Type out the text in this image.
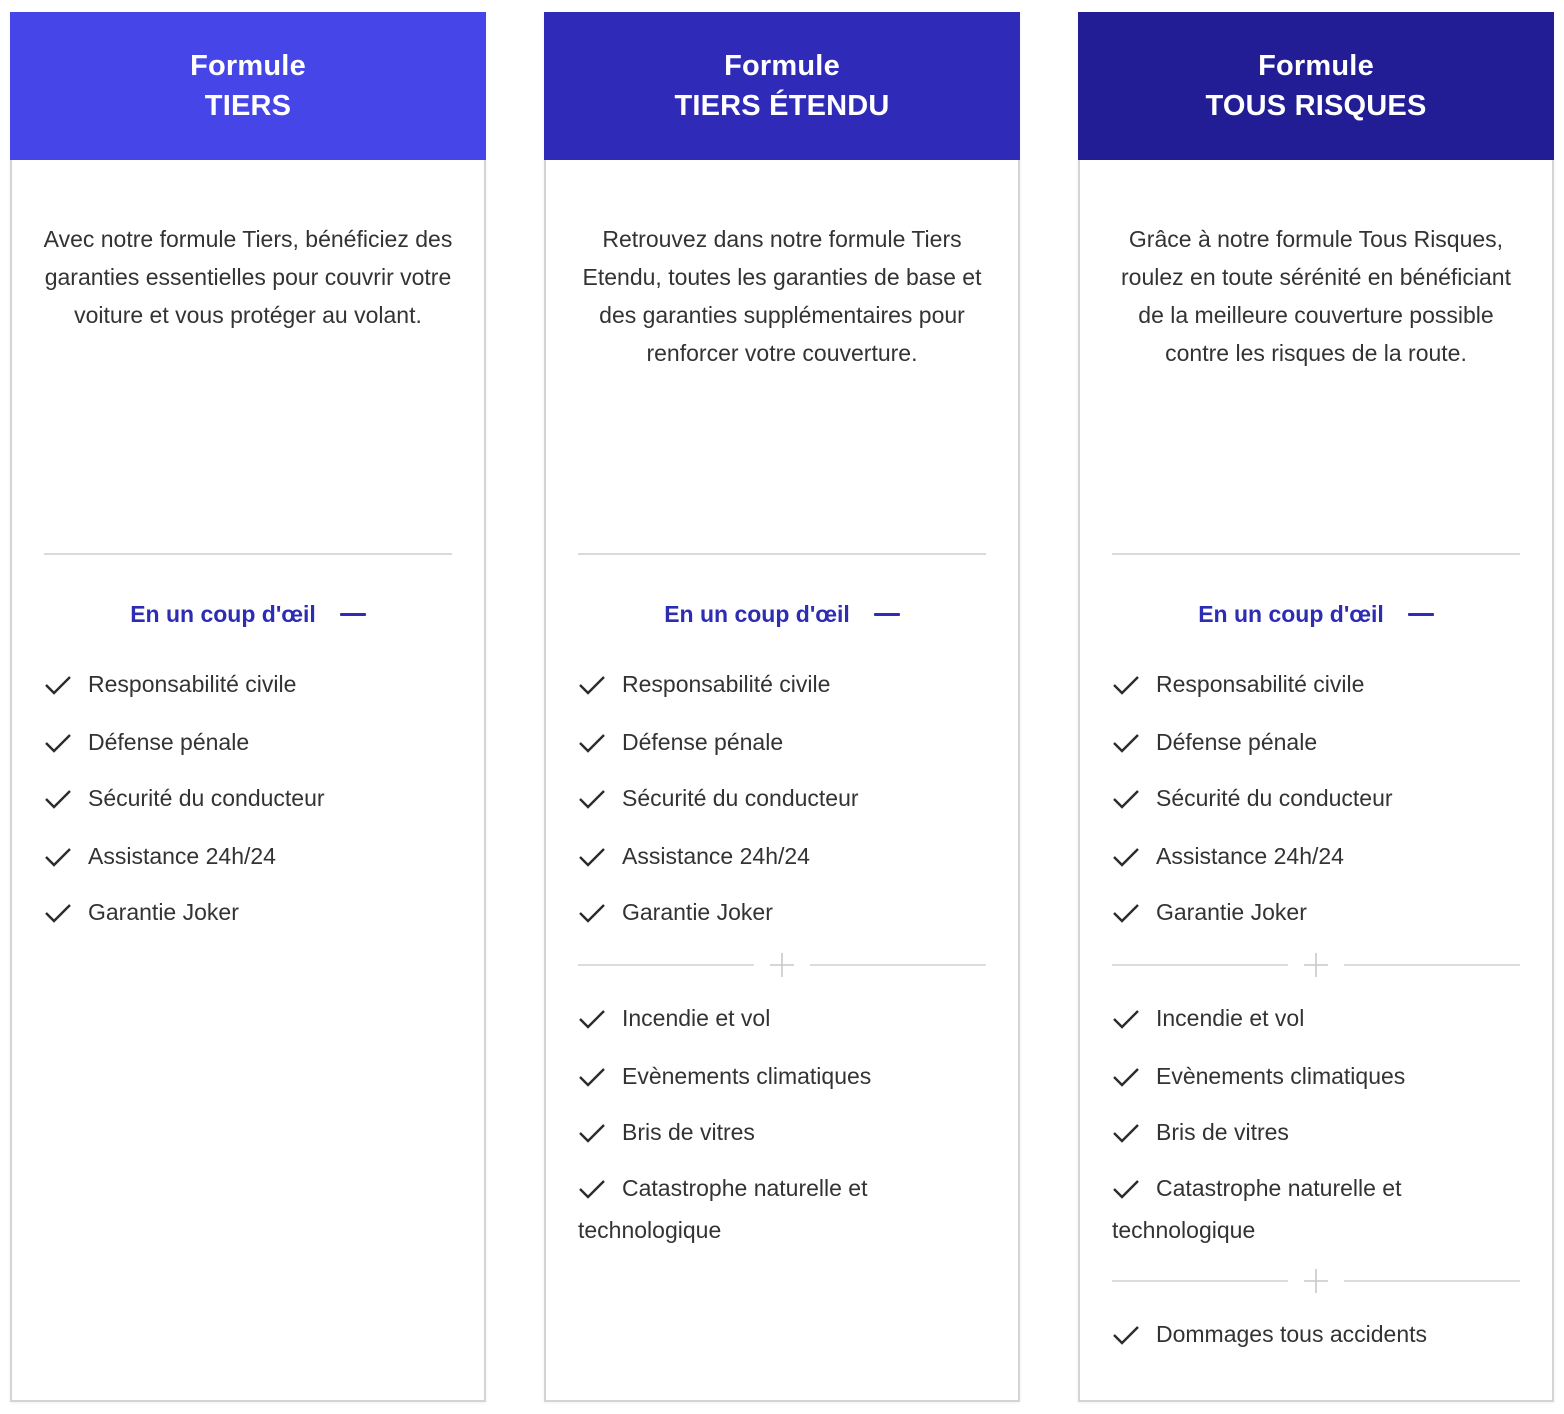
Formule
TIERS
Avec notre formule Tiers, bénéficiez des garanties essentielles pour couvrir votre voiture et vous protéger au volant.
En un coup d'œil
Responsabilité civile
Défense pénale
Sécurité du conducteur
Assistance 24h/24
Garantie Joker
Formule
TIERS ÉTENDU
Retrouvez dans notre formule Tiers Etendu, toutes les garanties de base et des garanties supplémentaires pour renforcer votre couverture.
En un coup d'œil
Responsabilité civile
Défense pénale
Sécurité du conducteur
Assistance 24h/24
Garantie Joker
Incendie et vol
Evènements climatiques
Bris de vitres
Catastrophe naturelle et technologique
Formule
TOUS RISQUES
Grâce à notre formule Tous Risques, roulez en toute sérénité en bénéficiant de la meilleure couverture possible contre les risques de la route.
En un coup d'œil
Responsabilité civile
Défense pénale
Sécurité du conducteur
Assistance 24h/24
Garantie Joker
Incendie et vol
Evènements climatiques
Bris de vitres
Catastrophe naturelle et technologique
Dommages tous accidents
